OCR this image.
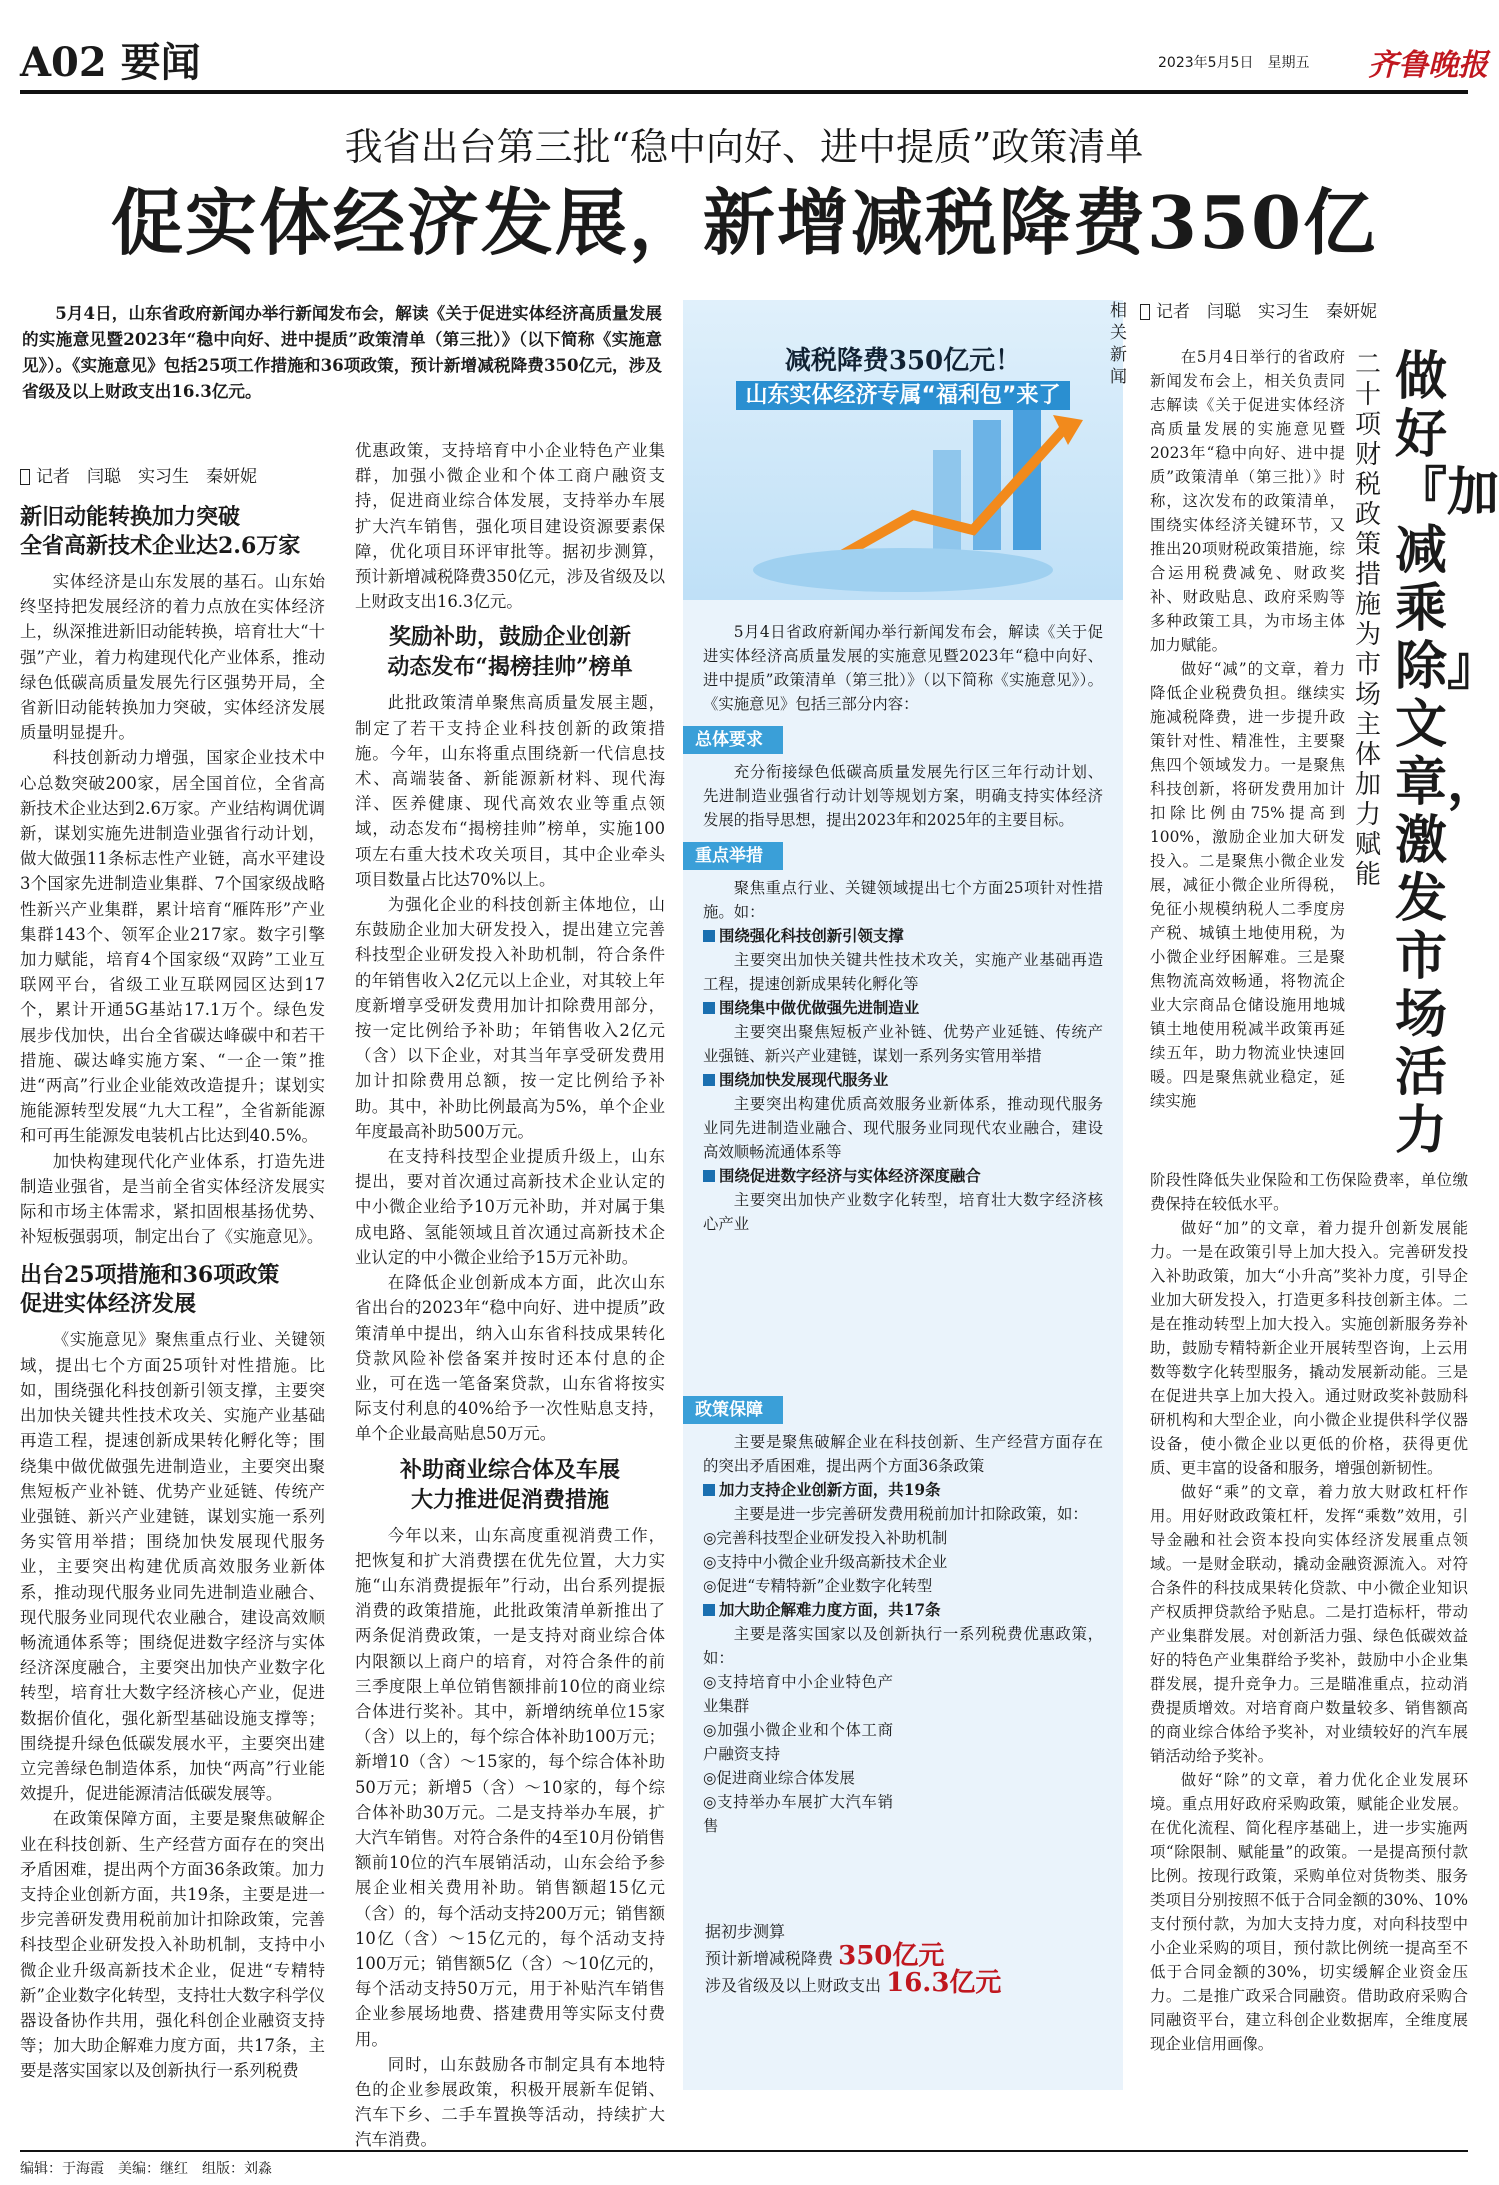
A02 要闻	2023年5月5日　星期五 齐鲁晚报
我省出台第三批“稳中向好、进中提质”政策清单
促实体经济发展，新增减税降费350亿
5月4日，山东省政府新闻办举行新闻发布会，解读《关于促进实体经济高质量发展的实施意见暨2023年“稳中向好、进中提质”政策清单（第三批）》（以下简称《实施意见》）。《实施意见》包括25项工作措施和36项政策，预计新增减税降费350亿元，涉及省级及以上财政支出16.3亿元。
记者　闫聪　实习生　秦妍妮
新旧动能转换加力突破
全省高新技术企业达2.6万家
实体经济是山东发展的基石。山东始终坚持把发展经济的着力点放在实体经济上，纵深推进新旧动能转换，培育壮大“十强”产业，着力构建现代化产业体系，推动绿色低碳高质量发展先行区强势开局，全省新旧动能转换加力突破，实体经济发展质量明显提升。
科技创新动力增强，国家企业技术中心总数突破200家，居全国首位，全省高新技术企业达到2.6万家。产业结构调优调新，谋划实施先进制造业强省行动计划，做大做强11条标志性产业链，高水平建设3个国家先进制造业集群、7个国家级战略性新兴产业集群，累计培育“雁阵形”产业集群143个、领军企业217家。数字引擎加力赋能，培育4个国家级“双跨”工业互联网平台，省级工业互联网园区达到17个，累计开通5G基站17.1万个。绿色发展步伐加快，出台全省碳达峰碳中和若干措施、碳达峰实施方案、“一企一策”推进“两高”行业企业能效改造提升；谋划实施能源转型发展“九大工程”，全省新能源和可再生能源发电装机占比达到40.5%。
加快构建现代化产业体系，打造先进制造业强省，是当前全省实体经济发展实际和市场主体需求，紧扣固根基扬优势、补短板强弱项，制定出台了《实施意见》。
出台25项措施和36项政策
促进实体经济发展
《实施意见》聚焦重点行业、关键领域，提出七个方面25项针对性措施。比如，围绕强化科技创新引领支撑，主要突出加快关键共性技术攻关、实施产业基础再造工程，提速创新成果转化孵化等；围绕集中做优做强先进制造业，主要突出聚焦短板产业补链、优势产业延链、传统产业强链、新兴产业建链，谋划实施一系列务实管用举措；围绕加快发展现代服务业，主要突出构建优质高效服务业新体系，推动现代服务业同先进制造业融合、现代服务业同现代农业融合，建设高效顺畅流通体系等；围绕促进数字经济与实体经济深度融合，主要突出加快产业数字化转型，培育壮大数字经济核心产业，促进数据价值化，强化新型基础设施支撑等；围绕提升绿色低碳发展水平，主要突出建立完善绿色制造体系，加快“两高”行业能效提升，促进能源清洁低碳发展等。
在政策保障方面，主要是聚焦破解企业在科技创新、生产经营方面存在的突出矛盾困难，提出两个方面36条政策。加力支持企业创新方面，共19条，主要是进一步完善研发费用税前加计扣除政策，完善科技型企业研发投入补助机制，支持中小微企业升级高新技术企业，促进“专精特新”企业数字化转型，支持壮大数字科学仪器设备协作共用，强化科创企业融资支持等；加大助企解难力度方面，共17条，主要是落实国家以及创新执行一系列税费
优惠政策，支持培育中小企业特色产业集群，加强小微企业和个体工商户融资支持，促进商业综合体发展，支持举办车展扩大汽车销售，强化项目建设资源要素保障，优化项目环评审批等。据初步测算，预计新增减税降费350亿元，涉及省级及以上财政支出16.3亿元。
奖励补助，鼓励企业创新
动态发布“揭榜挂帅”榜单
此批政策清单聚焦高质量发展主题，制定了若干支持企业科技创新的政策措施。今年，山东将重点围绕新一代信息技术、高端装备、新能源新材料、现代海洋、医养健康、现代高效农业等重点领域，动态发布“揭榜挂帅”榜单，实施100项左右重大技术攻关项目，其中企业牵头项目数量占比达70%以上。
为强化企业的科技创新主体地位，山东鼓励企业加大研发投入，提出建立完善科技型企业研发投入补助机制，符合条件的年销售收入2亿元以上企业，对其较上年度新增享受研发费用加计扣除费用部分，按一定比例给予补助；年销售收入2亿元（含）以下企业，对其当年享受研发费用加计扣除费用总额，按一定比例给予补助。其中，补助比例最高为5%，单个企业年度最高补助500万元。
在支持科技型企业提质升级上，山东提出，要对首次通过高新技术企业认定的中小微企业给予10万元补助，并对属于集成电路、氢能领域且首次通过高新技术企业认定的中小微企业给予15万元补助。
在降低企业创新成本方面，此次山东省出台的2023年“稳中向好、进中提质”政策清单中提出，纳入山东省科技成果转化贷款风险补偿备案并按时还本付息的企业，可在选一笔备案贷款，山东省将按实际支付利息的40%给予一次性贴息支持，单个企业最高贴息50万元。
补助商业综合体及车展
大力推进促消费措施
今年以来，山东高度重视消费工作，把恢复和扩大消费摆在优先位置，大力实施“山东消费提振年”行动，出台系列提振消费的政策措施，此批政策清单新推出了两条促消费政策，一是支持对商业综合体内限额以上商户的培育，对符合条件的前三季度限上单位销售额排前10位的商业综合体进行奖补。其中，新增纳统单位15家（含）以上的，每个综合体补助100万元；新增10（含）～15家的，每个综合体补助50万元；新增5（含）～10家的，每个综合体补助30万元。二是支持举办车展，扩大汽车销售。对符合条件的4至10月份销售额前10位的汽车展销活动，山东会给予参展企业相关费用补助。销售额超15亿元（含）的，每个活动支持200万元；销售额10亿（含）～15亿元的，每个活动支持100万元；销售额5亿（含）～10亿元的，每个活动支持50万元，用于补贴汽车销售企业参展场地费、搭建费用等实际支付费用。
同时，山东鼓励各市制定具有本地特色的企业参展政策，积极开展新车促销、汽车下乡、二手车置换等活动，持续扩大汽车消费。
减税降费350亿元！
山东实体经济专属“福利包”来了
5月4日省政府新闻办举行新闻发布会，解读《关于促进实体经济高质量发展的实施意见暨2023年“稳中向好、进中提质”政策清单（第三批）》（以下简称《实施意见》）。《实施意见》包括三部分内容：
总体要求
充分衔接绿色低碳高质量发展先行区三年行动计划、先进制造业强省行动计划等规划方案，明确支持实体经济发展的指导思想，提出2023年和2025年的主要目标。
重点举措
聚焦重点行业、关键领域提出七个方面25项针对性措施。如：
围绕强化科技创新引领支撑
主要突出加快关键共性技术攻关，实施产业基础再造工程，提速创新成果转化孵化等
围绕集中做优做强先进制造业
主要突出聚焦短板产业补链、优势产业延链、传统产业强链、新兴产业建链，谋划一系列务实管用举措
围绕加快发展现代服务业
主要突出构建优质高效服务业新体系，推动现代服务业同先进制造业融合、现代服务业同现代农业融合，建设高效顺畅流通体系等
围绕促进数字经济与实体经济深度融合
主要突出加快产业数字化转型，培育壮大数字经济核心产业
政策保障
主要是聚焦破解企业在科技创新、生产经营方面存在的突出矛盾困难，提出两个方面36条政策
加力支持企业创新方面，共19条
主要是进一步完善研发费用税前加计扣除政策，如：
◎完善科技型企业研发投入补助机制
◎支持中小微企业升级高新技术企业
◎促进“专精特新”企业数字化转型
加大助企解难力度方面，共17条
主要是落实国家以及创新执行一系列税费优惠政策，如：
◎支持培育中小企业特色产业集群
◎加强小微企业和个体工商户融资支持
◎促进商业综合体发展
◎支持举办车展扩大汽车销售
据初步测算
预计新增减税降费 350亿元
涉及省级及以上财政支出 16.3亿元
相关新闻
记者　闫聪　实习生　秦妍妮
做好『加减乘除』文章，激发市场活力
二十项财税政策措施为市场主体加力赋能
在5月4日举行的省政府新闻发布会上，相关负责同志解读《关于促进实体经济高质量发展的实施意见暨2023年“稳中向好、进中提质”政策清单（第三批）》时称，这次发布的政策清单，围绕实体经济关键环节，又推出20项财税政策措施，综合运用税费减免、财政奖补、财政贴息、政府采购等多种政策工具，为市场主体加力赋能。
做好“减”的文章，着力降低企业税费负担。继续实施减税降费，进一步提升政策针对性、精准性，主要聚焦四个领域发力。一是聚焦科技创新，将研发费用加计扣除比例由75%提高到100%，激励企业加大研发投入。二是聚焦小微企业发展，减征小微企业所得税，免征小规模纳税人二季度房产税、城镇土地使用税，为小微企业纾困解难。三是聚焦物流高效畅通，将物流企业大宗商品仓储设施用地城镇土地使用税减半政策再延续五年，助力物流业快速回暖。四是聚焦就业稳定，延续实施
阶段性降低失业保险和工伤保险费率，单位缴费保持在较低水平。
做好“加”的文章，着力提升创新发展能力。一是在政策引导上加大投入。完善研发投入补助政策，加大“小升高”奖补力度，引导企业加大研发投入，打造更多科技创新主体。二是在推动转型上加大投入。实施创新服务券补助，鼓励专精特新企业开展转型咨询，上云用数等数字化转型服务，撬动发展新动能。三是在促进共享上加大投入。通过财政奖补鼓励科研机构和大型企业，向小微企业提供科学仪器设备，使小微企业以更低的价格，获得更优质、更丰富的设备和服务，增强创新韧性。
做好“乘”的文章，着力放大财政杠杆作用。用好财政政策杠杆，发挥“乘数”效用，引导金融和社会资本投向实体经济发展重点领域。一是财金联动，撬动金融资源流入。对符合条件的科技成果转化贷款、中小微企业知识产权质押贷款给予贴息。二是打造标杆，带动产业集群发展。对创新活力强、绿色低碳效益好的特色产业集群给予奖补，鼓励中小企业集群发展，提升竞争力。三是瞄准重点，拉动消费提质增效。对培育商户数量较多、销售额高的商业综合体给予奖补，对业绩较好的汽车展销活动给予奖补。
做好“除”的文章，着力优化企业发展环境。重点用好政府采购政策，赋能企业发展。在优化流程、简化程序基础上，进一步实施两项“除限制、赋能量”的政策。一是提高预付款比例。按现行政策，采购单位对货物类、服务类项目分别按照不低于合同金额的30%、10%支付预付款，为加大支持力度，对向科技型中小企业采购的项目，预付款比例统一提高至不低于合同金额的30%，切实缓解企业资金压力。二是推广政采合同融资。借助政府采购合同融资平台，建立科创企业数据库，全维度展现企业信用画像。
编辑：于海霞　美编：继红　组版：刘淼
